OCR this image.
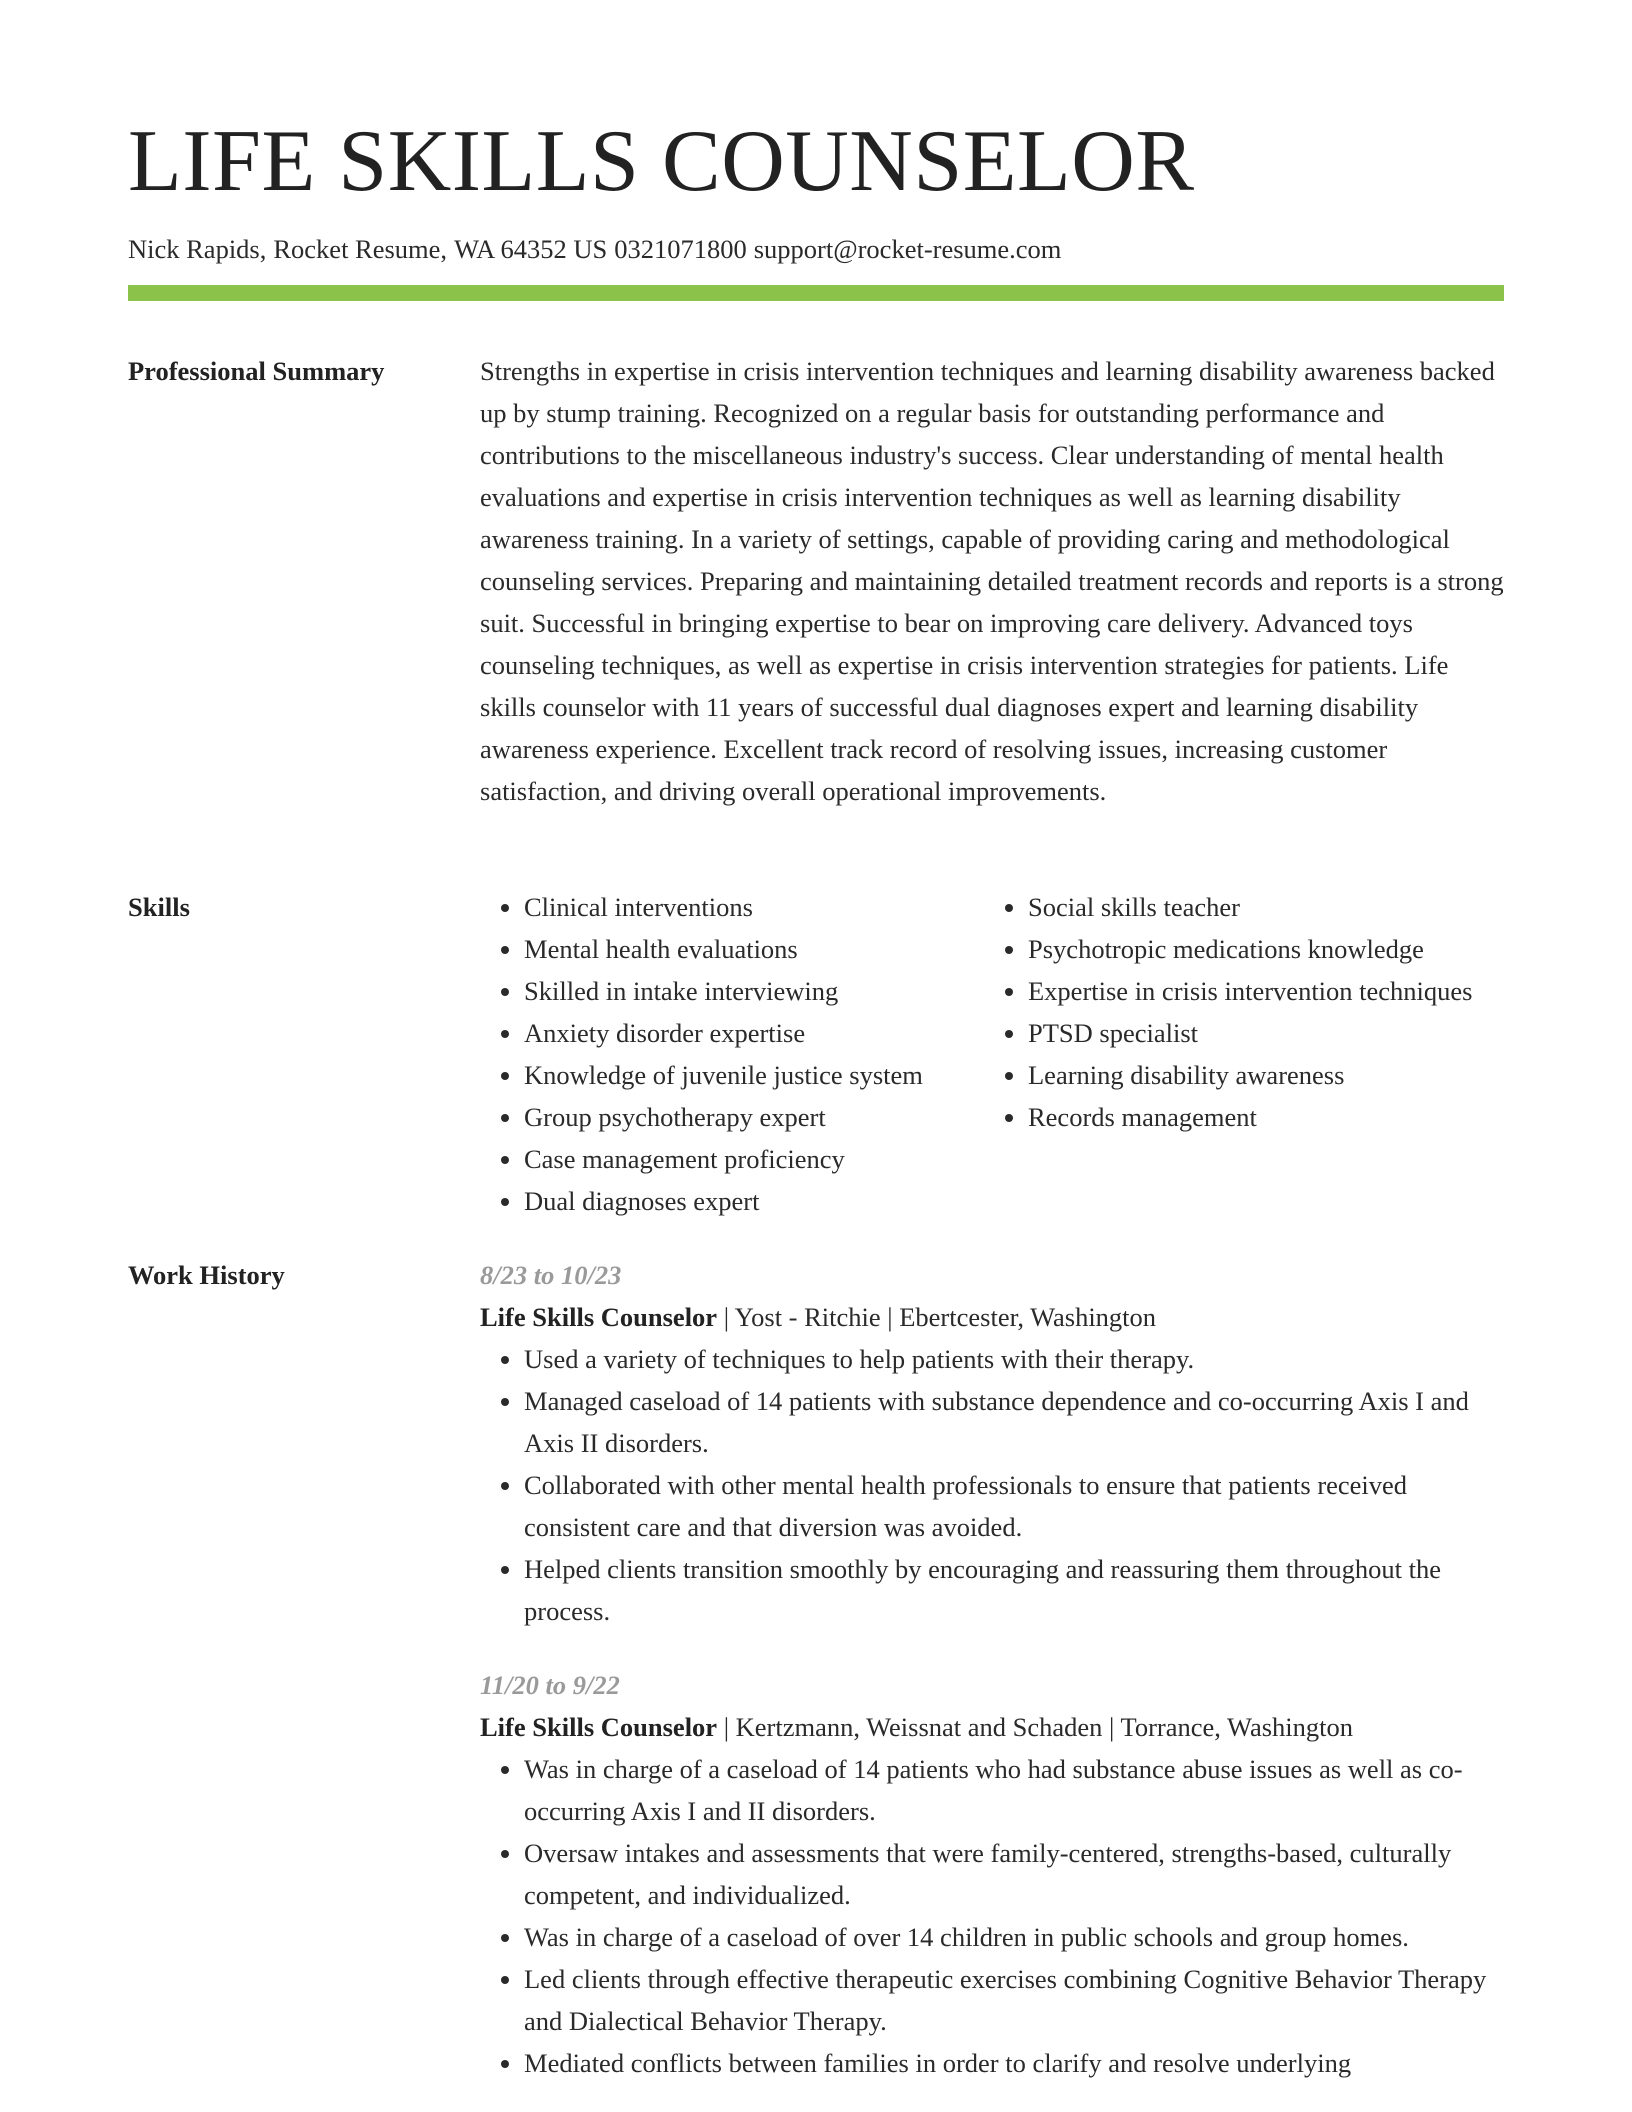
LIFE SKILLS COUNSELOR
Nick Rapids, Rocket Resume, WA 64352 US 0321071800 support@rocket-resume.com
Professional Summary	Strengths in expertise in crisis intervention techniques and learning disability awareness backed up by stump training. Recognized on a regular basis for outstanding performance and contributions to the miscellaneous industry's success. Clear understanding of mental health evaluations and expertise in crisis intervention techniques as well as learning disability awareness training. In a variety of settings, capable of providing caring and methodological counseling services. Preparing and maintaining detailed treatment records and reports is a strong suit. Successful in bringing expertise to bear on improving care delivery. Advanced toys counseling techniques, as well as expertise in crisis intervention strategies for patients. Life skills counselor with 11 years of successful dual diagnoses expert and learning disability awareness experience. Excellent track record of resolving issues, increasing customer satisfaction, and driving overall operational improvements.

Skills
•	Clinical interventions
• Mental health evaluations
• Skilled in intake interviewing
• Anxiety disorder expertise
• Knowledge of juvenile justice system
• Group psychotherapy expert
• Case management proficiency
• Dual diagnoses expert
• Social skills teacher
• Psychotropic medications knowledge
• Expertise in crisis intervention techniques
• PTSD specialist
• Learning disability awareness
• Records management
Work History	8/23 to 10/23
Life Skills Counselor | Yost - Ritchie | Ebertcester, Washington
• Used a variety of techniques to help patients with their therapy.
• Managed caseload of 14 patients with substance dependence and co-occurring Axis I and Axis II disorders.
• Collaborated with other mental health professionals to ensure that patients received consistent care and that diversion was avoided.
• Helped clients transition smoothly by encouraging and reassuring them throughout the process.
11/20 to 9/22
Life Skills Counselor | Kertzmann, Weissnat and Schaden | Torrance, Washington
• Was in charge of a caseload of 14 patients who had substance abuse issues as well as co-occurring Axis I and II disorders.
• Oversaw intakes and assessments that were family-centered, strengths-based, culturally competent, and individualized.
• Was in charge of a caseload of over 14 children in public schools and group homes.
• Led clients through effective therapeutic exercises combining Cognitive Behavior Therapy and Dialectical Behavior Therapy.
• Mediated conflicts between families in order to clarify and resolve underlying
